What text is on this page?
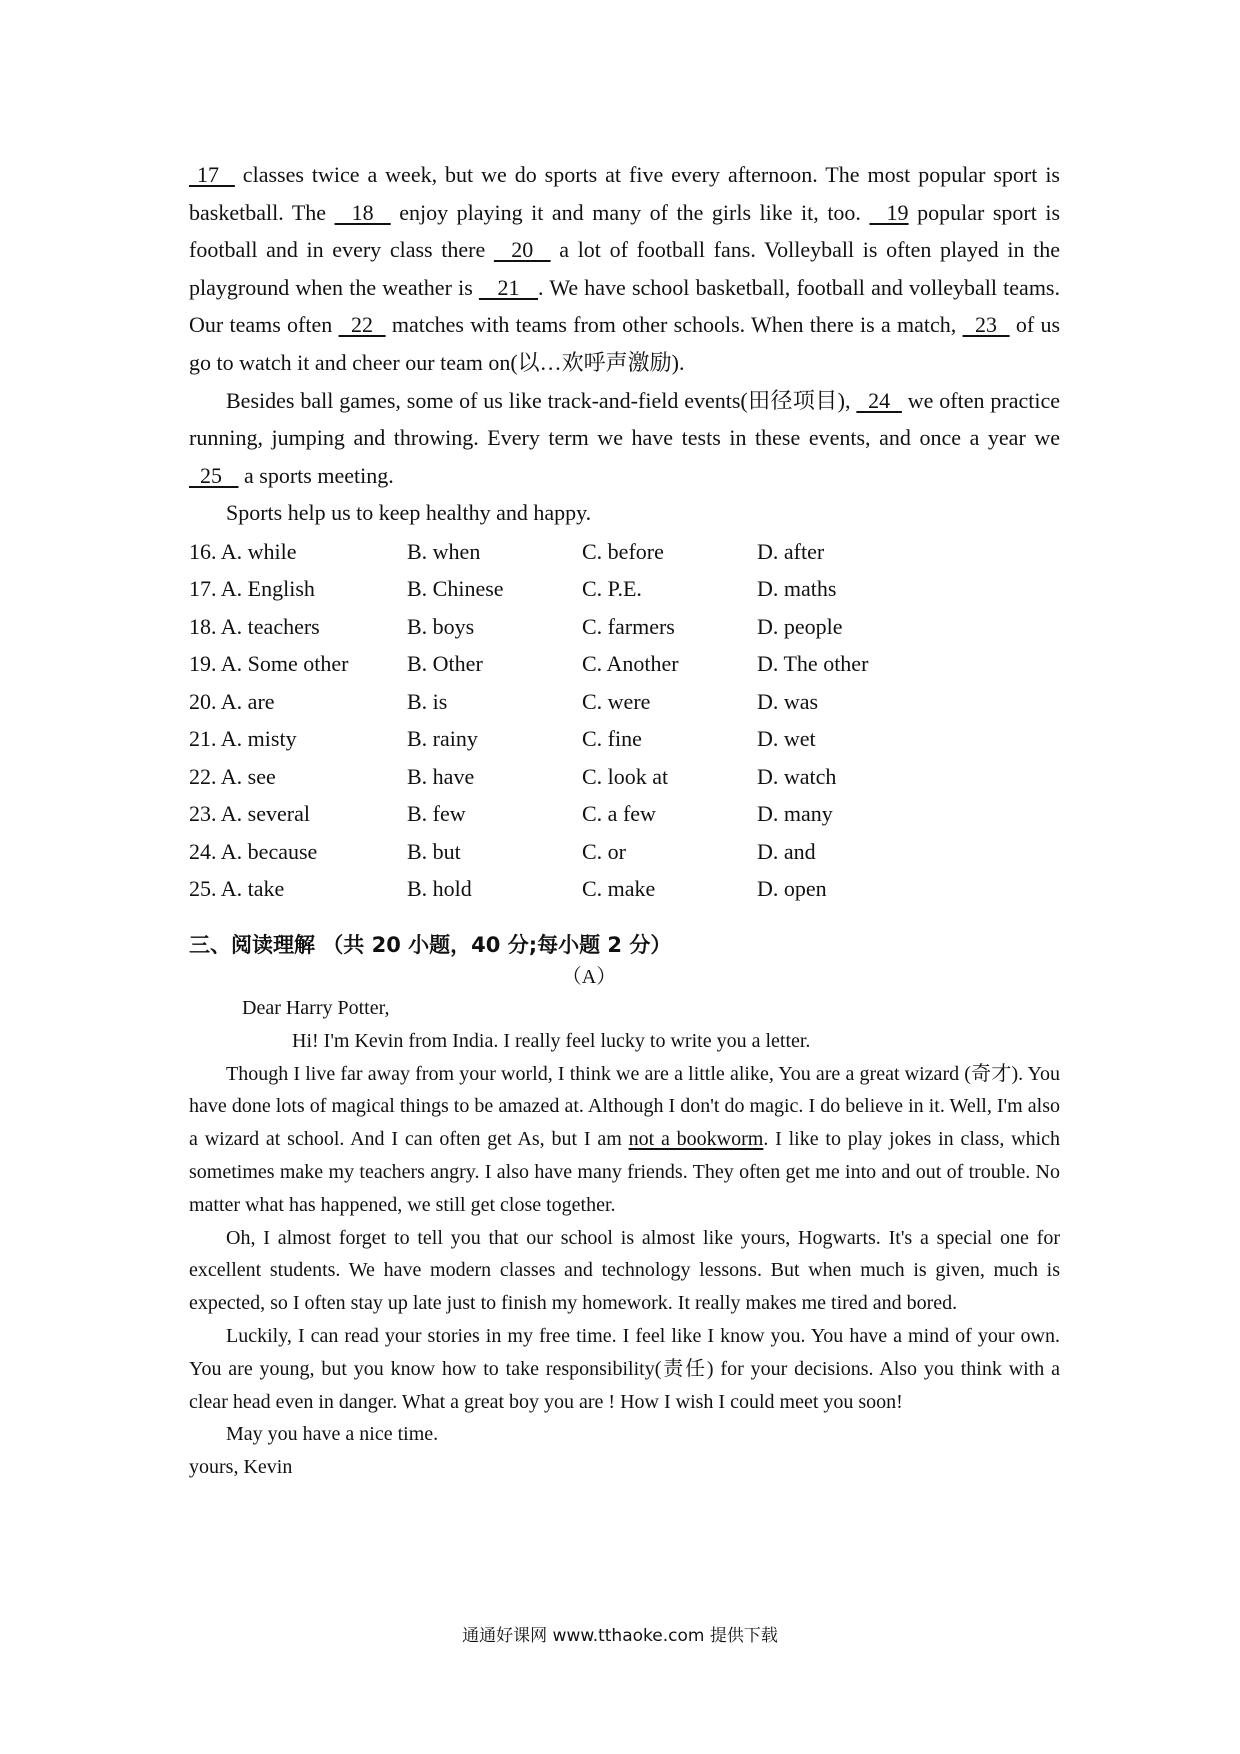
17   classes twice a week, but we do sports at five every afternoon. The most popular sport is basketball. The   18   enjoy playing it and many of the girls like it, too.   19 popular sport is football and in every class there   20   a lot of football fans. Volleyball is often played in the playground when the weather is    21   . We have school basketball, football and volleyball teams. Our teams often   22   matches with teams from other schools. When there is a match,   23   of us go to watch it and cheer our team on(以…欢呼声激励).
Besides ball games, some of us like track-and-field events(田径项目),   24   we often practice running, jumping and throwing. Every term we have tests in these events, and once a year we   25    a sports meeting.
Sports help us to keep healthy and happy.
16. A. while	B. when	C. before	D. after
17. A. English	B. Chinese	C. P.E.	D. maths
18. A. teachers	B. boys	C. farmers	D. people
19. A. Some other	B. Other	C. Another	D. The other
20. A. are	B. is	C. were	D. was
21. A. misty	B. rainy	C. fine	D. wet
22. A. see	B. have	C. look at	D. watch
23. A. several	B. few	C. a few	D. many
24. A. because	B. but	C. or	D. and
25. A. take	B. hold	C. make	D. open
三、阅读理解 （共 20 小题，40 分;每小题 2 分）
（A）
Dear Harry Potter,
Hi! I'm Kevin from India. I really feel lucky to write you a letter.
Though I live far away from your world, I think we are a little alike, You are a great wizard (奇才). You have done lots of magical things to be amazed at. Although I don't do magic. I do believe in it. Well, I'm also a wizard at school. And I can often get As, but I am not a bookworm. I like to play jokes in class, which sometimes make my teachers angry. I also have many friends. They often get me into and out of trouble. No matter what has happened, we still get close together.
Oh, I almost forget to tell you that our school is almost like yours, Hogwarts. It's a special one for excellent students. We have modern classes and technology lessons. But when much is given, much is expected, so I often stay up late just to finish my homework. It really makes me tired and bored.
Luckily, I can read your stories in my free time. I feel like I know you. You have a mind of your own. You are young, but you know how to take responsibility(责任) for your decisions. Also you think with a clear head even in danger. What a great boy you are ! How I wish I could meet you soon!
May you have a nice time.
yours, Kevin
通通好课网 www.tthaoke.com 提供下载
